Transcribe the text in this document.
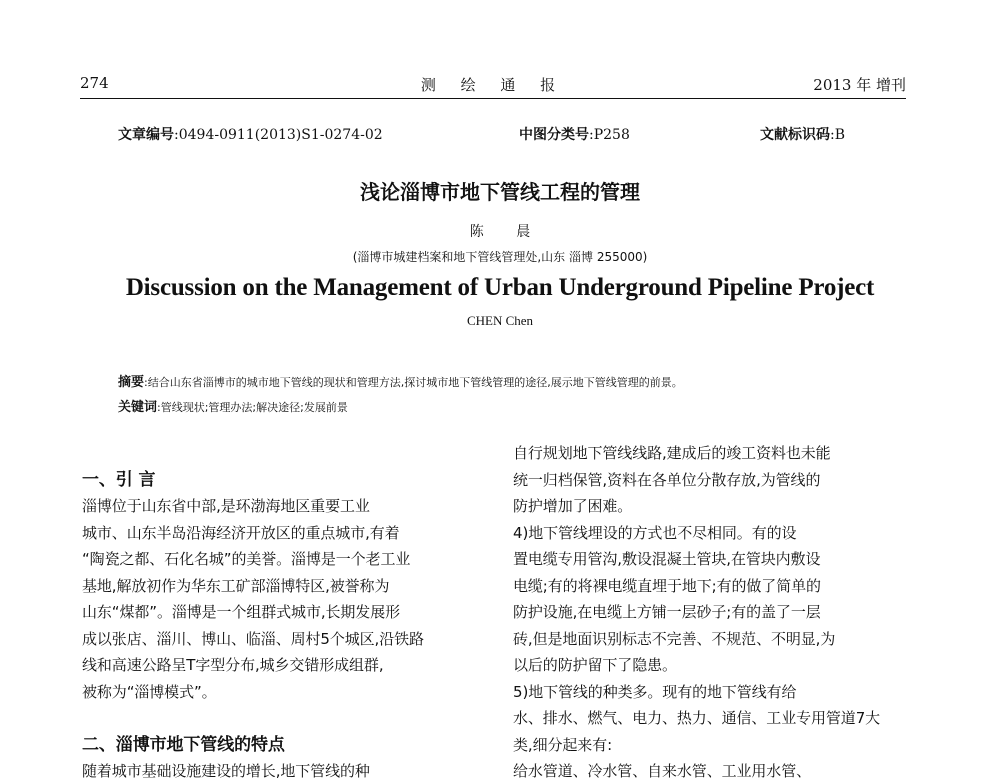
274	测 绘 通 报	2013 年 增刊
文章编号:0494-0911(2013)S1-0274-02	中图分类号:P258	文献标识码:B
浅论淄博市地下管线工程的管理
陈 晨
(淄博市城建档案和地下管线管理处,山东 淄博 255000)
Discussion on the Management of Urban Underground Pipeline Project
CHEN Chen
摘要:结合山东省淄博市的城市地下管线的现状和管理方法,探讨城市地下管线管理的途径,展示地下管线管理的前景。
关键词:管线现状;管理办法;解决途径;发展前景
一、引 言
淄博位于山东省中部,是环渤海地区重要工业
城市、山东半岛沿海经济开放区的重点城市,有着
“陶瓷之都、石化名城”的美誉。淄博是一个老工业
基地,解放初作为华东工矿部淄博特区,被誉称为
山东“煤都”。淄博是一个组群式城市,长期发展形
成以张店、淄川、博山、临淄、周村5个城区,沿铁路
线和高速公路呈T字型分布,城乡交错形成组群,
被称为“淄博模式”。
二、淄博市地下管线的特点
随着城市基础设施建设的增长,地下管线的种
自行规划地下管线线路,建成后的竣工资料也未能
统一归档保管,资料在各单位分散存放,为管线的
防护增加了困难。
4)地下管线埋设的方式也不尽相同。有的设
置电缆专用管沟,敷设混凝土管块,在管块内敷设
电缆;有的将裸电缆直埋于地下;有的做了简单的
防护设施,在电缆上方铺一层砂子;有的盖了一层
砖,但是地面识别标志不完善、不规范、不明显,为
以后的防护留下了隐患。
5)地下管线的种类多。现有的地下管线有给
水、排水、燃气、电力、热力、通信、工业专用管道7大
类,细分起来有:
给水管道、冷水管、自来水管、工业用水管、
